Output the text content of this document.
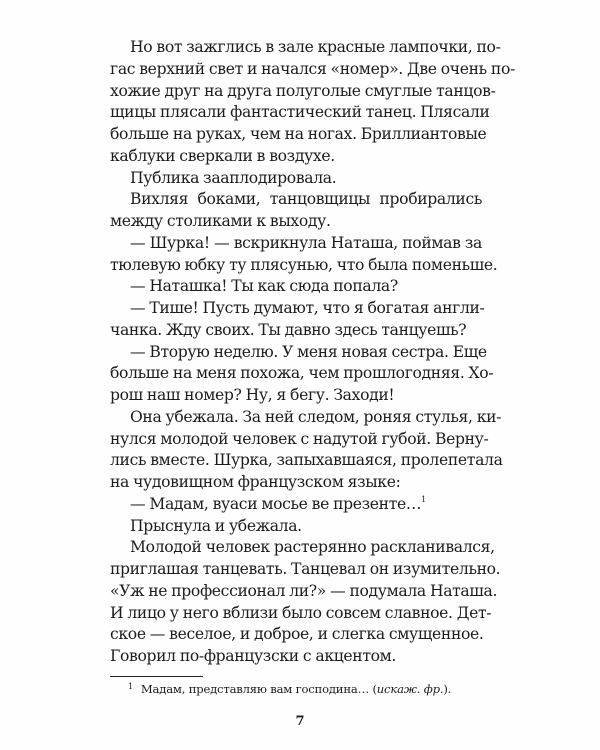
Но вот зажглись в зале красные лампочки, по-
гас верхний свет и начался «номер». Две очень по-
хожие друг на друга полуголые смуглые танцов-
щицы плясали фантастический танец. Плясали
больше на руках, чем на ногах. Бриллиантовые
каблуки сверкали в воздухе.
Публика зааплодировала.
Вихляя боками, танцовщицы пробирались
между столиками к выходу.
— Шурка! — вскрикнула Наташа, поймав за
тюлевую юбку ту плясунью, что была поменьше.
— Наташка! Ты как сюда попала?
— Тише! Пусть думают, что я богатая англи-
чанка. Жду своих. Ты давно здесь танцуешь?
— Вторую неделю. У меня новая сестра. Еще
больше на меня похожа, чем прошлогодняя. Хо-
рош наш номер? Ну, я бегу. Заходи!
Она убежала. За ней следом, роняя стулья, ки-
нулся молодой человек с надутой губой. Верну-
лись вместе. Шурка, запыхавшаяся, пролепетала
на чудовищном французском языке:
— Мадам, вуаси мосье ве презенте…$^1$
Прыснула и убежала.
Молодой человек растерянно раскланивался,
приглашая танцевать. Танцевал он изумительно.
«Уж не профессионал ли?» — подумала Наташа.
И лицо у него вблизи было совсем славное. Дет-
ское — веселое, и доброе, и слегка смущенное.
Говорил по-французски с акцентом.
$^1$ Мадам, представляю вам господина… (искаж. фр.).
7
